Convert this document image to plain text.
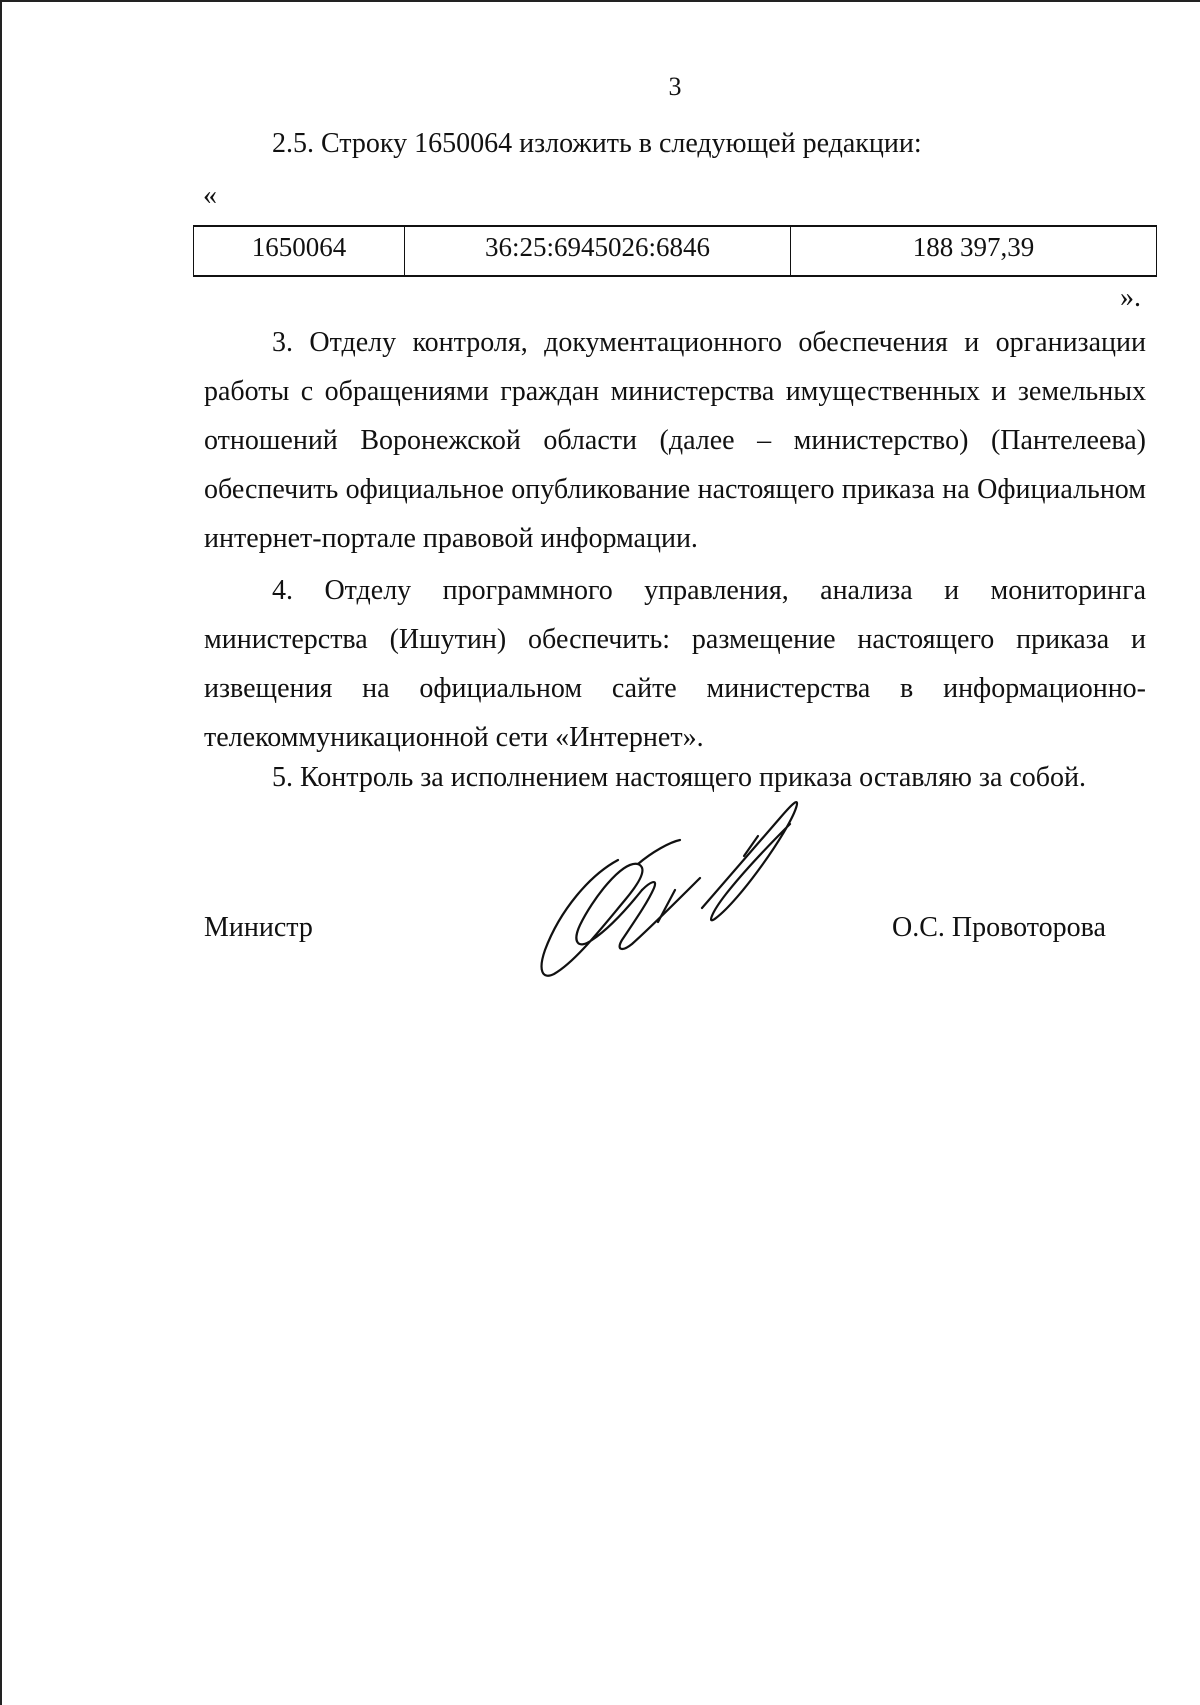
3
2.5. Строку 1650064 изложить в следующей редакции:
«
1650064	36:25:6945026:6846	188 397,39
».

3. Отделу контроля, документационного обеспечения и организации работы с обращениями граждан министерства имущественных и земельных отношений Воронежской области (далее – министерство) (Пантелеева) обеспечить официальное опубликование настоящего приказа на Официальном интернет-портале правовой информации.

4. Отделу программного управления, анализа и мониторинга министерства (Ишутин) обеспечить: размещение настоящего приказа и извещения на официальном сайте министерства в информационно-телекоммуникационной сети «Интернет».

5. Контроль за исполнением настоящего приказа оставляю за собой.
Министр	О.С. Провоторова
